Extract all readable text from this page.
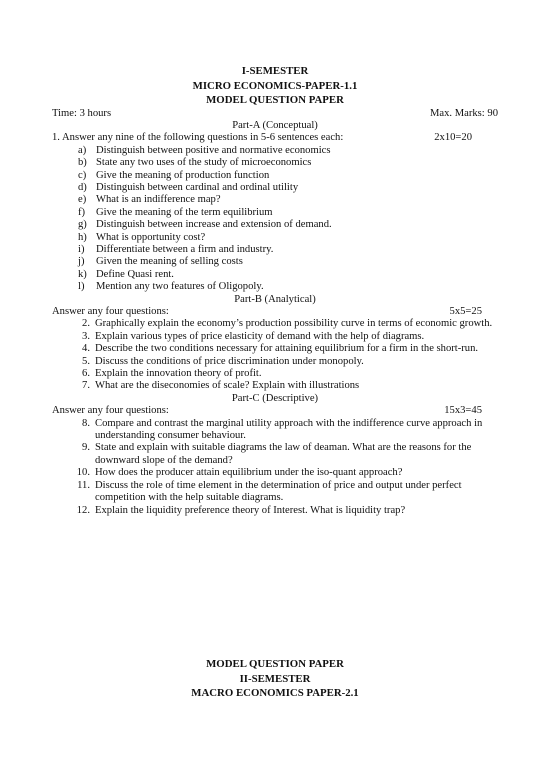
I-SEMESTER
MICRO ECONOMICS-PAPER-1.1
MODEL QUESTION PAPER
Time: 3 hours	Max. Marks: 90
Part-A (Conceptual)
1. Answer any nine of the following questions in 5-6 sentences each:	2x10=20
a) Distinguish between positive and normative economics
b) State any two uses of the study of microeconomics
c) Give the meaning of production function
d) Distinguish between cardinal and ordinal utility
e) What is an indifference map?
f)	Give the meaning of the term equilibrium
g) Distinguish between increase and extension of demand.
h) What is opportunity cost?
i)	Differentiate between a firm and industry.
j)	Given the meaning of selling costs
k) Define Quasi rent.
l)	Mention any two features of Oligopoly.
Part-B (Analytical)
Answer any four questions:	5x5=25
2. Graphically explain the economy’s production possibility curve in terms of economic growth.
3. Explain various types of price elasticity of demand with the help of diagrams.
4. Describe the two conditions necessary for attaining equilibrium for a firm in the short-run.
5. Discuss the conditions of price discrimination under monopoly.
6. Explain the innovation theory of profit.
7. What are the diseconomies of scale? Explain with illustrations
Part-C (Descriptive)
Answer any four questions:	15x3=45
8. Compare and contrast the marginal utility approach with the indifference curve approach in understanding consumer behaviour.
9. State and explain with suitable diagrams the law of deaman. What are the reasons for the downward slope of the demand?
10. How does the producer attain equilibrium under the iso-quant approach?
11. Discuss the role of time element in the determination of price and output under perfect competition with the help suitable diagrams.
12. Explain the liquidity preference theory of Interest. What is liquidity trap?
MODEL QUESTION PAPER
II-SEMESTER
MACRO ECONOMICS PAPER-2.1
